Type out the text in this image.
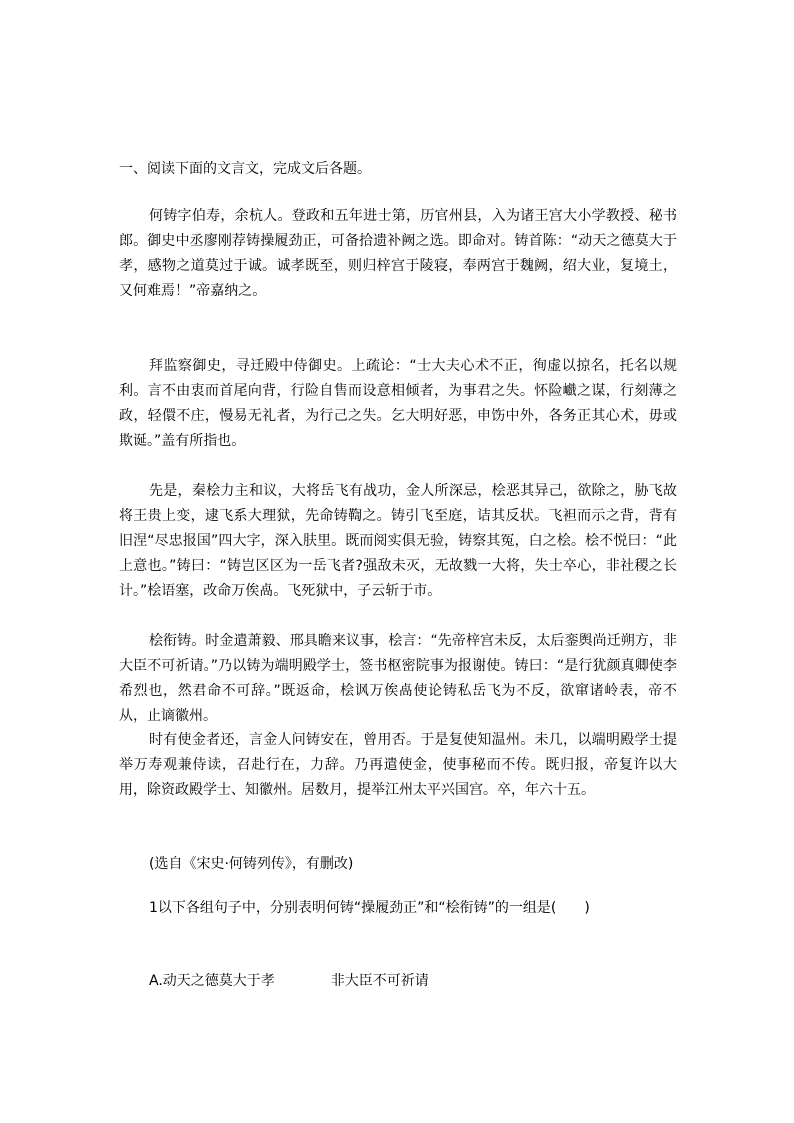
一、阅读下面的文言文，完成文后各题。

何铸字伯寿，余杭人。登政和五年进士第，历官州县，入为诸王宫大小学教授、秘书郎。御史中丞廖刚荐铸操履劲正，可备拾遗补阙之选。即命对。铸首陈：“动天之德莫大于孝，感物之道莫过于诚。诚孝既至，则归梓宫于陵寝，奉两宫于魏阙，绍大业，复境土，又何难焉！”帝嘉纳之。

拜监察御史，寻迁殿中侍御史。上疏论：“士大夫心术不正，徇虚以掠名，托名以规利。言不由衷而首尾向背，行险自售而设意相倾者，为事君之失。怀险巇之谋，行刻薄之政，轻儇不庄，慢易无礼者，为行己之失。乞大明好恶，申饬中外，各务正其心术，毋或欺诞。”盖有所指也。

先是，秦桧力主和议，大将岳飞有战功，金人所深忌，桧恶其异己，欲除之，胁飞故将王贵上变，逮飞系大理狱，先命铸鞫之。铸引飞至庭，诘其反状。飞袒而示之背，背有旧涅“尽忠报国”四大字，深入肤里。既而阅实俱无验，铸察其冤，白之桧。桧不悦曰：“此上意也。”铸曰：“铸岂区区为一岳飞者?强敌未灭，无故戮一大将，失士卒心，非社稷之长计。”桧语塞，改命万俟卨。飞死狱中，子云斩于市。

桧衔铸。时金遣萧毅、邢具瞻来议事，桧言：“先帝梓宫未反，太后銮舆尚迁朔方，非大臣不可祈请。”乃以铸为端明殿学士，签书枢密院事为报谢使。铸曰：“是行犹颜真卿使李希烈也，然君命不可辞。”既返命，桧讽万俟卨使论铸私岳飞为不反，欲窜诸岭表，帝不从，止谪徽州。

时有使金者还，言金人问铸安在，曾用否。于是复使知温州。未几，以端明殿学士提举万寿观兼侍读，召赴行在，力辞。乃再遣使金，使事秘而不传。既归报，帝复许以大用，除资政殿学士、知徽州。居数月，提举江州太平兴国宫。卒，年六十五。

(选自《宋史·何铸列传》，有删改)
1以下各组句子中，分别表明何铸“操履劲正”和“桧衔铸”的一组是(　　)
A.动天之德莫大于孝	非大臣不可祈请
